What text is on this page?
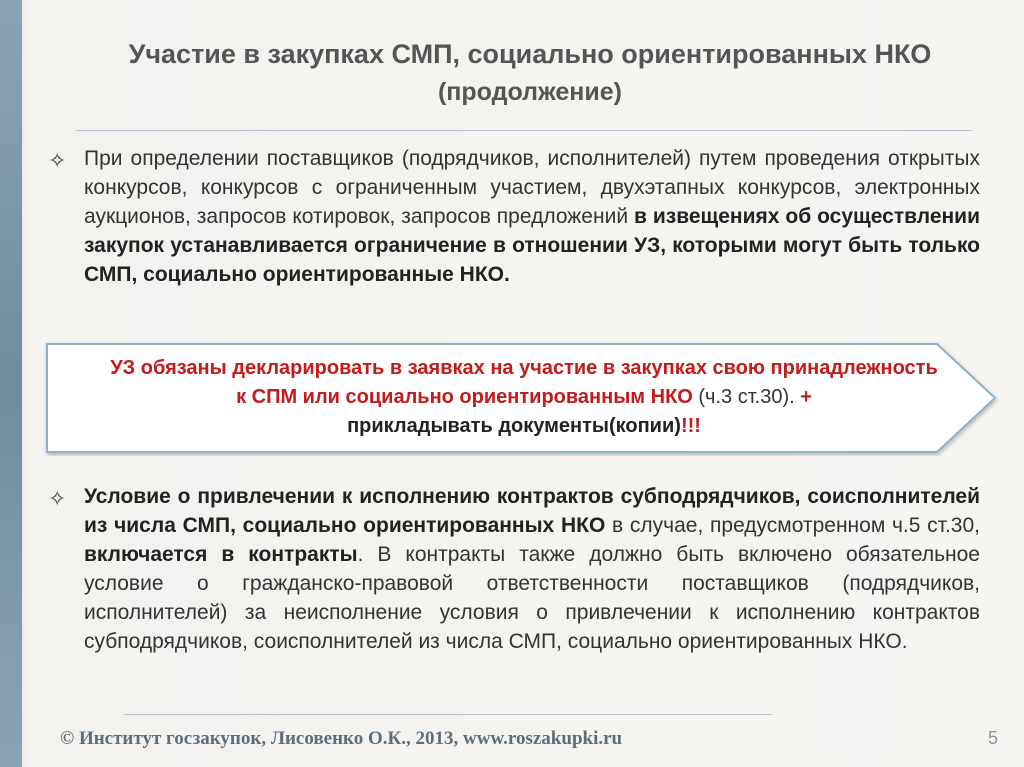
Участие в закупках СМП, социально ориентированных НКО
(продолжение)
✧ При определении поставщиков (подрядчиков, исполнителей) путем проведения открытых конкурсов, конкурсов с ограниченным участием, двухэтапных конкурсов, электронных аукционов, запросов котировок, запросов предложений в извещениях об осуществлении закупок устанавливается ограничение в отношении УЗ, которыми могут быть только СМП, социально ориентированные НКО.
УЗ обязаны декларировать в заявках на участие в закупках свою принадлежность к СПМ или социально ориентированным НКО (ч.3 ст.30). +
прикладывать документы(копии)!!!
✧ Условие о привлечении к исполнению контрактов субподрядчиков, соисполнителей из числа СМП, социально ориентированных НКО в случае, предусмотренном ч.5 ст.30, включается в контракты. В контракты также должно быть включено обязательное условие о гражданско-правовой ответственности поставщиков (подрядчиков, исполнителей) за неисполнение условия о привлечении к исполнению контрактов субподрядчиков, соисполнителей из числа СМП, социально ориентированных НКО.
© Институт госзакупок, Лисовенко О.К., 2013, www.roszakupki.ru	5
